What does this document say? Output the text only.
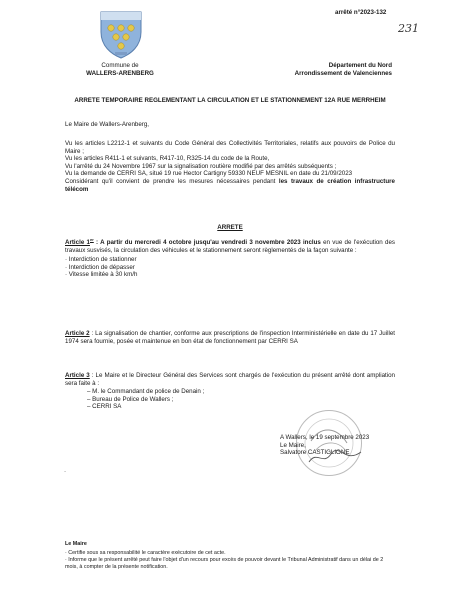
arrêté n°2023-132
231
Commune de
WALLERS-ARENBERG
Département du Nord
Arrondissement de Valenciennes
ARRETE TEMPORAIRE REGLEMENTANT LA CIRCULATION ET LE STATIONNEMENT 12A RUE MERRHEIM
Le Maire de Wallers-Arenberg,
Vu les articles L2212-1 et suivants du Code Général des Collectivités Territoriales, relatifs aux pouvoirs de Police du Maire ;
Vu les articles R411-1 et suivants, R417-10, R325-14 du code de la Route,
Vu l'arrêté du 24 Novembre 1967 sur la signalisation routière modifié par des arrêtés subséquents ;
Vu la demande de CERRI SA, situé 19 rue Hector Cartigny 59330 NEUF MESNIL en date du 21/09/2023
Considérant qu'il convient de prendre les mesures nécessaires pendant les travaux de création infrastructure télécom
ARRETE
Article 1er : A partir du mercredi 4 octobre jusqu'au vendredi 3 novembre 2023 inclus en vue de l'exécution des travaux susvisés, la circulation des véhicules et le stationnement seront règlementés de la façon suivante :
· Interdiction de stationner
· Interdiction de dépasser
· Vitesse limitée à 30 km/h
Article 2 : La signalisation de chantier, conforme aux prescriptions de l'inspection Interministérielle en date du 17 Juillet 1974 sera fournie, posée et maintenue en bon état de fonctionnement par CERRI SA
Article 3 : Le Maire et le Directeur Général des Services sont chargés de l'exécution du présent arrêté dont ampliation sera faite à :
– M. le Commandant de police de Denain ;
– Bureau de Police de Wallers ;
– CERRI SA
A Wallers, le 19 septembre 2023
Le Maire,
Salvatore CASTIGLIONE
·
Le Maire
· Certifie sous sa responsabilité le caractère exécutoire de cet acte.
· Informe que le présent arrêté peut faire l'objet d'un recours pour excès de pouvoir devant le Tribunal Administratif dans un délai de 2 mois, à compter de la présente notification.
